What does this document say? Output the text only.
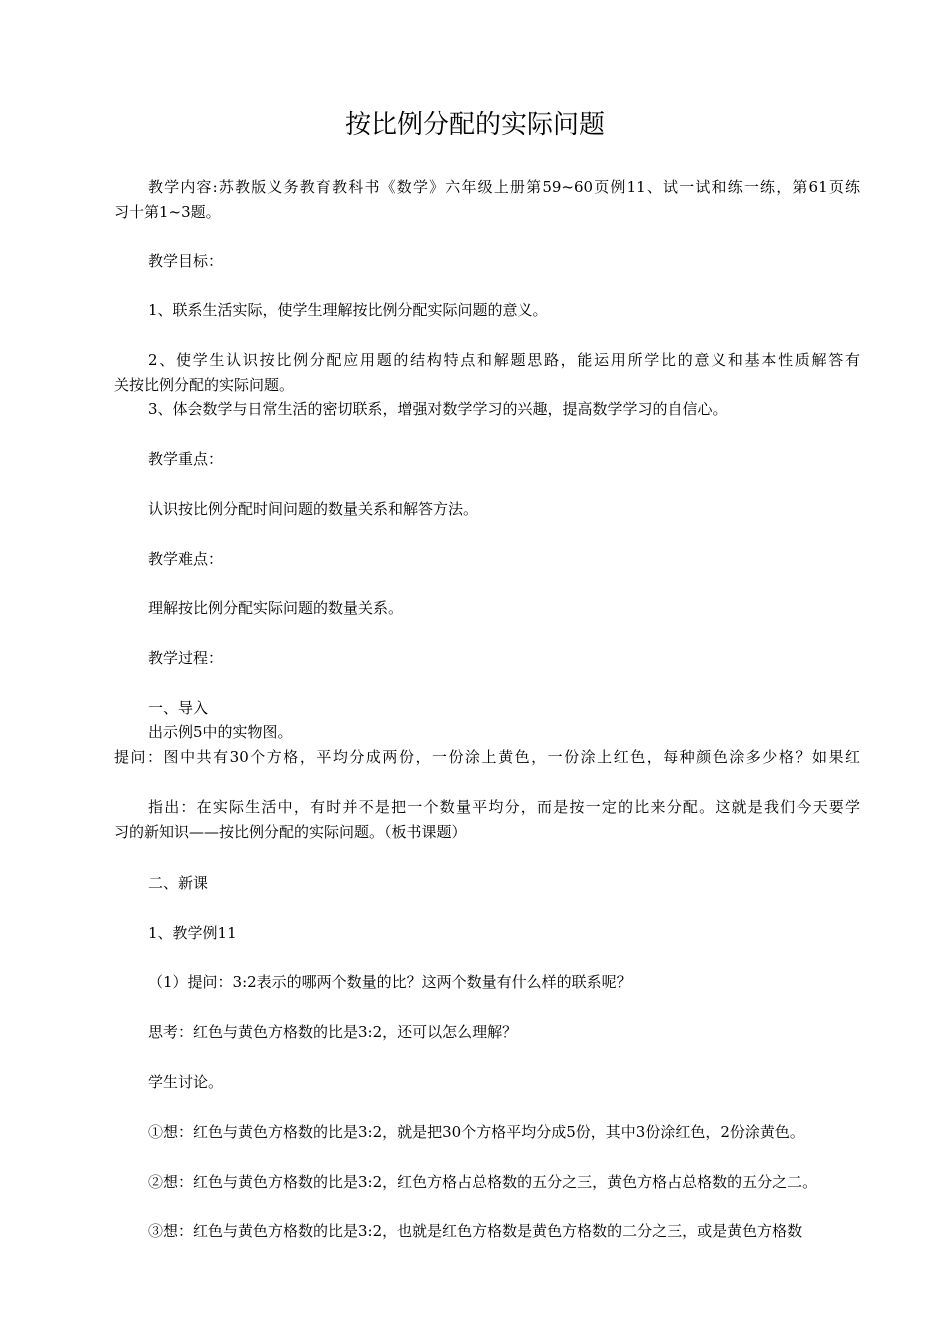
按比例分配的实际问题
教学内容:苏教版义务教育教科书《数学》六年级上册第59~60页例11、试一试和练一练，第61页练
习十第1~3题。
教学目标：
1、联系生活实际，使学生理解按比例分配实际问题的意义。
2、使学生认识按比例分配应用题的结构特点和解题思路，能运用所学比的意义和基本性质解答有
关按比例分配的实际问题。
3、体会数学与日常生活的密切联系，增强对数学学习的兴趣，提高数学学习的自信心。
教学重点：
认识按比例分配时间问题的数量关系和解答方法。
教学难点：
理解按比例分配实际问题的数量关系。
教学过程：
一、导入
出示例5中的实物图。
提问：图中共有30个方格，平均分成两份，一份涂上黄色，一份涂上红色，每种颜色涂多少格？如果红
指出：在实际生活中，有时并不是把一个数量平均分，而是按一定的比来分配。这就是我们今天要学
习的新知识——按比例分配的实际问题。（板书课题）
二、新课
1、教学例11
（1）提问：3:2表示的哪两个数量的比？这两个数量有什么样的联系呢？
思考：红色与黄色方格数的比是3:2，还可以怎么理解？
学生讨论。
①想：红色与黄色方格数的比是3:2，就是把30个方格平均分成5份，其中3份涂红色，2份涂黄色。
②想：红色与黄色方格数的比是3:2，红色方格占总格数的五分之三，黄色方格占总格数的五分之二。
③想：红色与黄色方格数的比是3:2，也就是红色方格数是黄色方格数的二分之三，或是黄色方格数
